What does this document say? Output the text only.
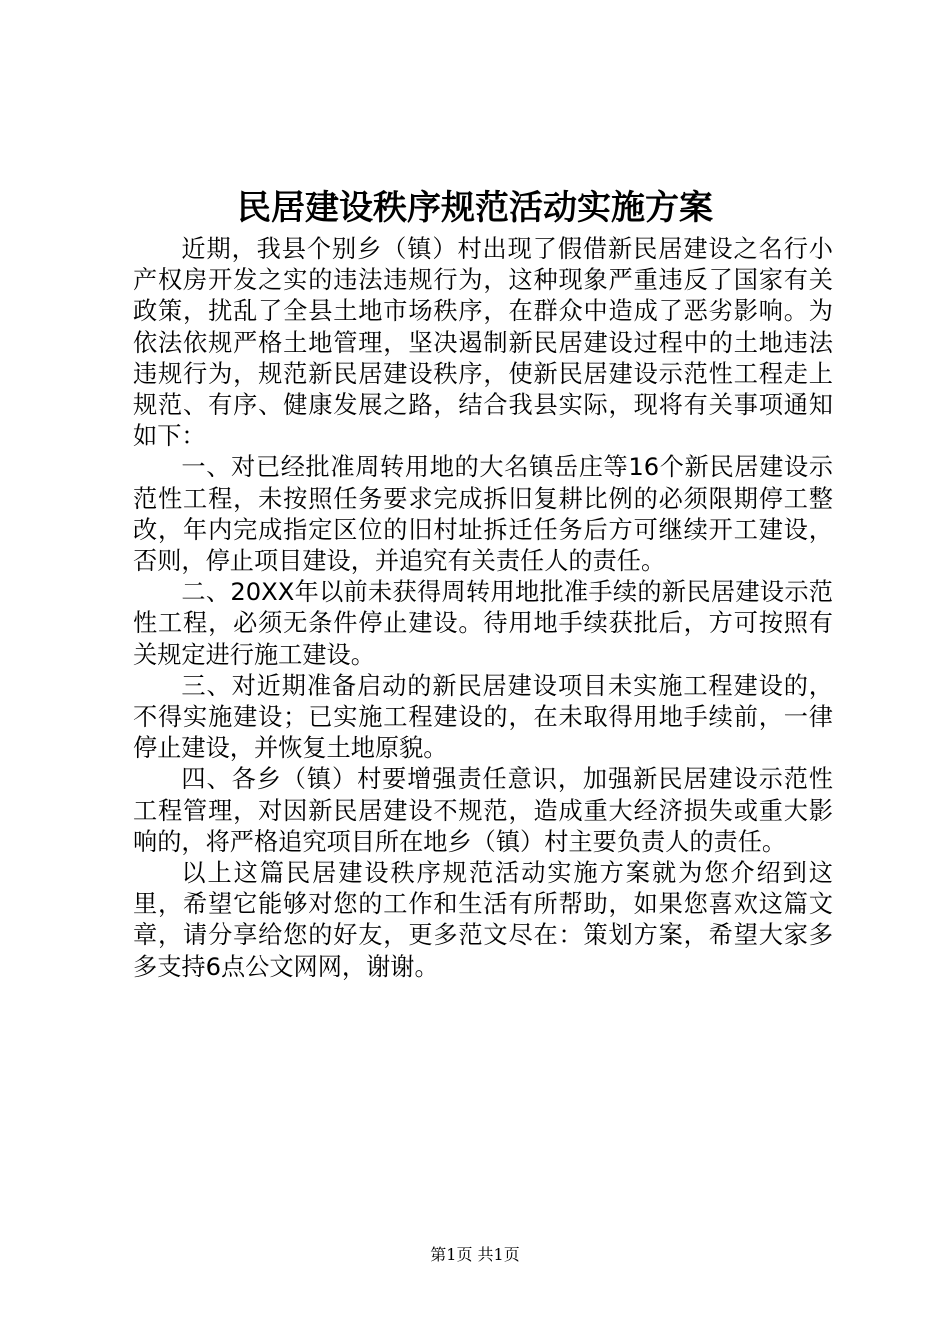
民居建设秩序规范活动实施方案

近期，我县个别乡（镇）村出现了假借新民居建设之名行小产权房开发之实的违法违规行为，这种现象严重违反了国家有关政策，扰乱了全县土地市场秩序，在群众中造成了恶劣影响。为依法依规严格土地管理，坚决遏制新民居建设过程中的土地违法违规行为，规范新民居建设秩序，使新民居建设示范性工程走上规范、有序、健康发展之路，结合我县实际，现将有关事项通知如下：

一、对已经批准周转用地的大名镇岳庄等16个新民居建设示范性工程，未按照任务要求完成拆旧复耕比例的必须限期停工整改，年内完成指定区位的旧村址拆迁任务后方可继续开工建设，否则，停止项目建设，并追究有关责任人的责任。

二、20XX年以前未获得周转用地批准手续的新民居建设示范性工程，必须无条件停止建设。待用地手续获批后，方可按照有关规定进行施工建设。

三、对近期准备启动的新民居建设项目未实施工程建设的，不得实施建设；已实施工程建设的，在未取得用地手续前，一律停止建设，并恢复土地原貌。

四、各乡（镇）村要增强责任意识，加强新民居建设示范性工程管理，对因新民居建设不规范，造成重大经济损失或重大影响的，将严格追究项目所在地乡（镇）村主要负责人的责任。

以上这篇民居建设秩序规范活动实施方案就为您介绍到这里，希望它能够对您的工作和生活有所帮助，如果您喜欢这篇文章，请分享给您的好友，更多范文尽在：策划方案，希望大家多多支持6点公文网网，谢谢。

第1页 共1页
